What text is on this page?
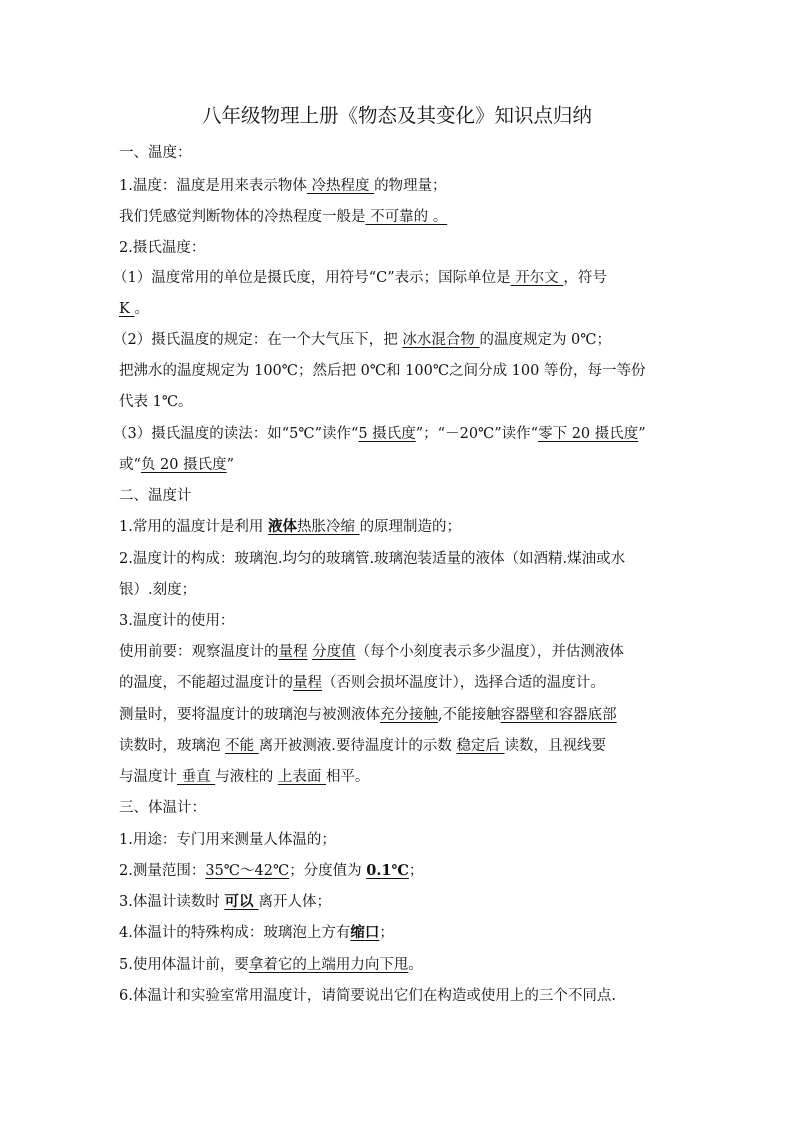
八年级物理上册《物态及其变化》知识点归纳
一、温度：
1.温度：温度是用来表示物体 冷热程度 的物理量；
我们凭感觉判断物体的冷热程度一般是 不可靠的 。
2.摄氏温度：
（1）温度常用的单位是摄氏度，用符号“C”表示；国际单位是 开尔文 ，符号
K 。
（2）摄氏温度的规定：在一个大气压下，把 冰水混合物 的温度规定为 0℃；
把沸水的温度规定为 100℃；然后把 0℃和 100℃之间分成 100 等份，每一等份
代表 1℃。
（3）摄氏温度的读法：如“5℃”读作“5 摄氏度”；“－20℃”读作“零下 20 摄氏度”
或“负 20 摄氏度”
二、温度计
1.常用的温度计是利用 液体热胀冷缩 的原理制造的；
2.温度计的构成：玻璃泡.均匀的玻璃管.玻璃泡装适量的液体（如酒精.煤油或水
银）.刻度；
3.温度计的使用：
使用前要：观察温度计的量程 分度值（每个小刻度表示多少温度），并估测液体
的温度，不能超过温度计的量程（否则会损坏温度计），选择合适的温度计。
测量时，要将温度计的玻璃泡与被测液体充分接触,不能接触容器壁和容器底部
读数时，玻璃泡 不能 离开被测液.要待温度计的示数 稳定后 读数，且视线要
与温度计 垂直 与液柱的 上表面 相平。
三、体温计：
1.用途：专门用来测量人体温的；
2.测量范围：35℃～42℃；分度值为 0.1℃；
3.体温计读数时 可以 离开人体；
4.体温计的特殊构成：玻璃泡上方有缩口；
5.使用体温计前，要拿着它的上端用力向下甩。
6.体温计和实验室常用温度计，请简要说出它们在构造或使用上的三个不同点.
